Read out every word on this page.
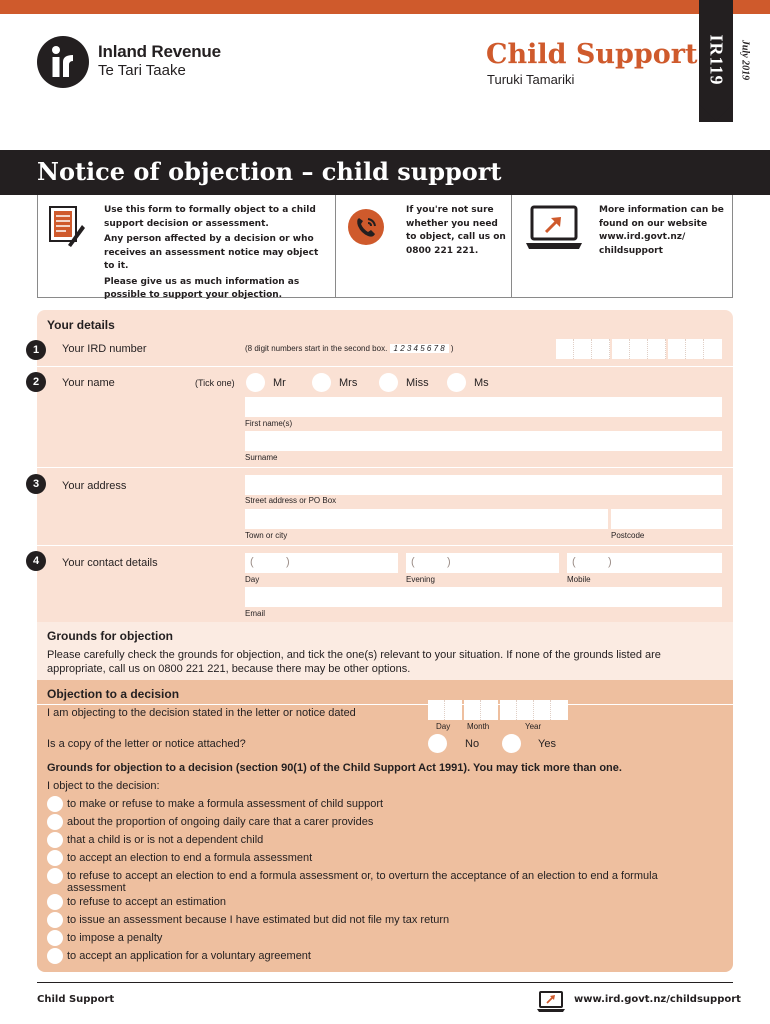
IR119 July 2019
Inland Revenue
Te Tari Taake
Child Support
Turuki Tamariki
Notice of objection – child support

Use this form to formally object to a child support decision or assessment.

Any person affected by a decision or who receives an assessment notice may object to it.

Please give us as much information as possible to support your objection.

If you're not sure whether you need to object, call us on 0800 221 221.
More information can be found on our website www.ird.govt.nz/ childsupport
Your details
1	Your IRD number	(8 digit numbers start in the second box. 1 2 3 4 5 6 7 8 )
2	Your name	(Tick one)	Mr	Mrs	Miss	Ms
First name(s)
Surname
3	Your address
Street address or PO Box
Town or city	Postcode
4	Your contact details	(	)	(	)	(	)
Day	Evening	Mobile
Email
Grounds for objection
Please carefully check the grounds for objection, and tick the one(s) relevant to your situation. If none of the grounds listed are appropriate, call us on 0800 221 221, because there may be other options.
Objection to a decision
I am objecting to the decision stated in the letter or notice dated
Day Month	Year
Is a copy of the letter or notice attached?	No	Yes
Grounds for objection to a decision (section 90(1) of the Child Support Act 1991). You may tick more than one.
I object to the decision:
to make or refuse to make a formula assessment of child support
about the proportion of ongoing daily care that a carer provides
that a child is or is not a dependent child
to accept an election to end a formula assessment
to refuse to accept an election to end a formula assessment or, to overturn the acceptance of an election to end a formula assessment
to refuse to accept an estimation
to issue an assessment because I have estimated but did not file my tax return
to impose a penalty
to accept an application for a voluntary agreement
Child Support	www.ird.govt.nz/childsupport
